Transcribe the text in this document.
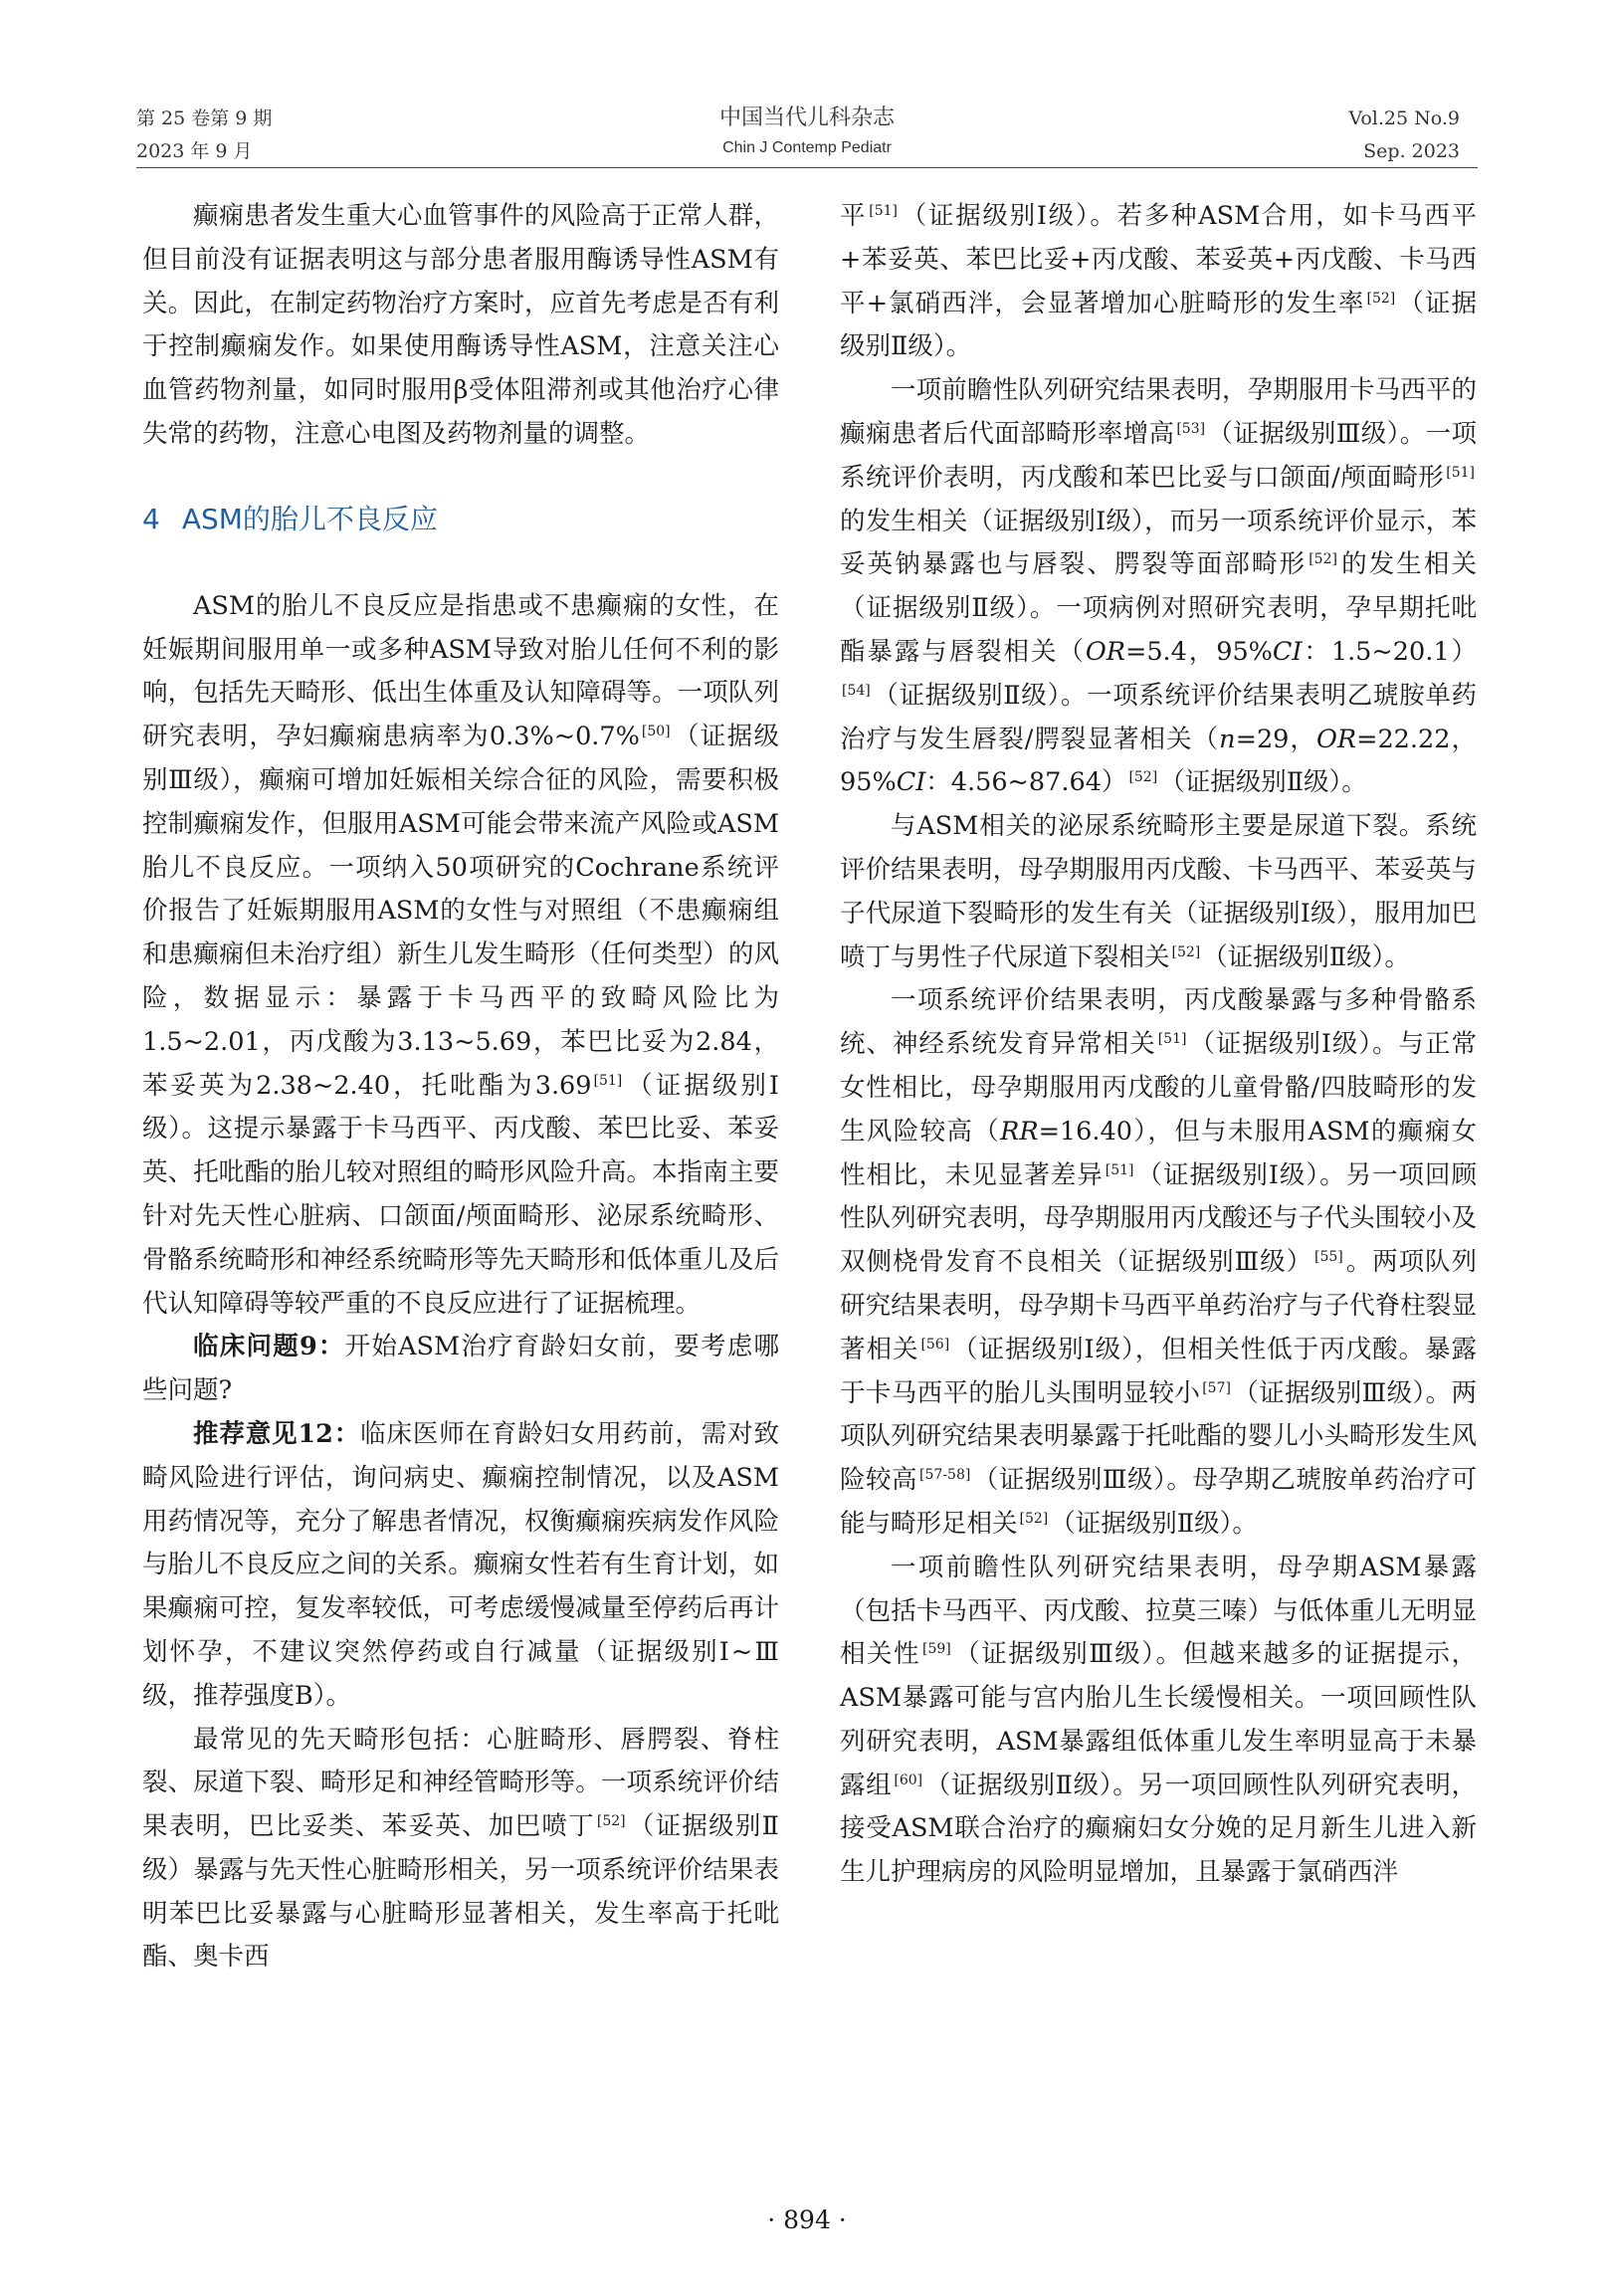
第 25 卷第 9 期
2023 年 9 月
中国当代儿科杂志
Chin J Contemp Pediatr
Vol.25 No.9
Sep. 2023

癫痫患者发生重大心血管事件的风险高于正常人群，但目前没有证据表明这与部分患者服用酶诱导性ASM有关。因此，在制定药物治疗方案时，应首先考虑是否有利于控制癫痫发作。如果使用酶诱导性ASM，注意关注心血管药物剂量，如同时服用β受体阻滞剂或其他治疗心律失常的药物，注意心电图及药物剂量的调整。

4 ASM的胎儿不良反应

ASM的胎儿不良反应是指患或不患癫痫的女性，在妊娠期间服用单一或多种ASM导致对胎儿任何不利的影响，包括先天畸形、低出生体重及认知障碍等。一项队列研究表明，孕妇癫痫患病率为0.3%~0.7% [50]（证据级别Ⅲ级），癫痫可增加妊娠相关综合征的风险，需要积极控制癫痫发作，但服用ASM可能会带来流产风险或ASM胎儿不良反应。一项纳入50项研究的Cochrane系统评价报告了妊娠期服用ASM的女性与对照组（不患癫痫组和患癫痫但未治疗组）新生儿发生畸形（任何类型）的风险，数据显示：暴露于卡马西平的致畸风险比为1.5~2.01，丙戊酸为3.13~5.69，苯巴比妥为2.84，苯妥英为2.38~2.40，托吡酯为3.69 [51]（证据级别Ⅰ级）。这提示暴露于卡马西平、丙戊酸、苯巴比妥、苯妥英、托吡酯的胎儿较对照组的畸形风险升高。本指南主要针对先天性心脏病、口颌面/颅面畸形、泌尿系统畸形、骨骼系统畸形和神经系统畸形等先天畸形和低体重儿及后代认知障碍等较严重的不良反应进行了证据梳理。

临床问题9：开始ASM治疗育龄妇女前，要考虑哪些问题?

推荐意见12：临床医师在育龄妇女用药前，需对致畸风险进行评估，询问病史、癫痫控制情况，以及ASM用药情况等，充分了解患者情况，权衡癫痫疾病发作风险与胎儿不良反应之间的关系。癫痫女性若有生育计划，如果癫痫可控，复发率较低，可考虑缓慢减量至停药后再计划怀孕，不建议突然停药或自行减量（证据级别Ⅰ~Ⅲ级，推荐强度B）。

最常见的先天畸形包括：心脏畸形、唇腭裂、脊柱裂、尿道下裂、畸形足和神经管畸形等。一项系统评价结果表明，巴比妥类、苯妥英、加巴喷丁 [52]（证据级别Ⅱ级）暴露与先天性心脏畸形相关，另一项系统评价结果表明苯巴比妥暴露与心脏畸形显著相关，发生率高于托吡酯、奥卡西

平 [51]（证据级别Ⅰ级）。若多种ASM合用，如卡马西平+苯妥英、苯巴比妥+丙戊酸、苯妥英+丙戊酸、卡马西平+氯硝西泮，会显著增加心脏畸形的发生率 [52]（证据级别Ⅱ级）。

一项前瞻性队列研究结果表明，孕期服用卡马西平的癫痫患者后代面部畸形率增高 [53]（证据级别Ⅲ级）。一项系统评价表明，丙戊酸和苯巴比妥与口颌面/颅面畸形 [51]的发生相关（证据级别Ⅰ级），而另一项系统评价显示，苯妥英钠暴露也与唇裂、腭裂等面部畸形 [52]的发生相关（证据级别Ⅱ级）。一项病例对照研究表明，孕早期托吡酯暴露与唇裂相关（OR=5.4，95%CI：1.5~20.1）[54]（证据级别Ⅱ级）。一项系统评价结果表明乙琥胺单药治疗与发生唇裂/腭裂显著相关（n=29，OR=22.22，95%CI：4.56~87.64） [52]（证据级别Ⅱ级）。

与ASM相关的泌尿系统畸形主要是尿道下裂。系统评价结果表明，母孕期服用丙戊酸、卡马西平、苯妥英与子代尿道下裂畸形的发生有关（证据级别Ⅰ级），服用加巴喷丁与男性子代尿道下裂相关 [52]（证据级别Ⅱ级）。

一项系统评价结果表明，丙戊酸暴露与多种骨骼系统、神经系统发育异常相关 [51]（证据级别Ⅰ级）。与正常女性相比，母孕期服用丙戊酸的儿童骨骼/四肢畸形的发生风险较高（RR=16.40），但与未服用ASM的癫痫女性相比，未见显著差异 [51]（证据级别Ⅰ级）。另一项回顾性队列研究表明，母孕期服用丙戊酸还与子代头围较小及双侧桡骨发育不良相关（证据级别Ⅲ级） [55]。两项队列研究结果表明，母孕期卡马西平单药治疗与子代脊柱裂显著相关 [56]（证据级别Ⅰ级），但相关性低于丙戊酸。暴露于卡马西平的胎儿头围明显较小 [57]（证据级别Ⅲ级）。两项队列研究结果表明暴露于托吡酯的婴儿小头畸形发生风险较高 [57-58]（证据级别Ⅲ级）。母孕期乙琥胺单药治疗可能与畸形足相关 [52]（证据级别Ⅱ级）。

一项前瞻性队列研究结果表明，母孕期ASM暴露（包括卡马西平、丙戊酸、拉莫三嗪）与低体重儿无明显相关性 [59]（证据级别Ⅲ级）。但越来越多的证据提示，ASM暴露可能与宫内胎儿生长缓慢相关。一项回顾性队列研究表明，ASM暴露组低体重儿发生率明显高于未暴露组 [60]（证据级别Ⅱ级）。另一项回顾性队列研究表明，接受ASM联合治疗的癫痫妇女分娩的足月新生儿进入新生儿护理病房的风险明显增加，且暴露于氯硝西泮

· 894 ·
